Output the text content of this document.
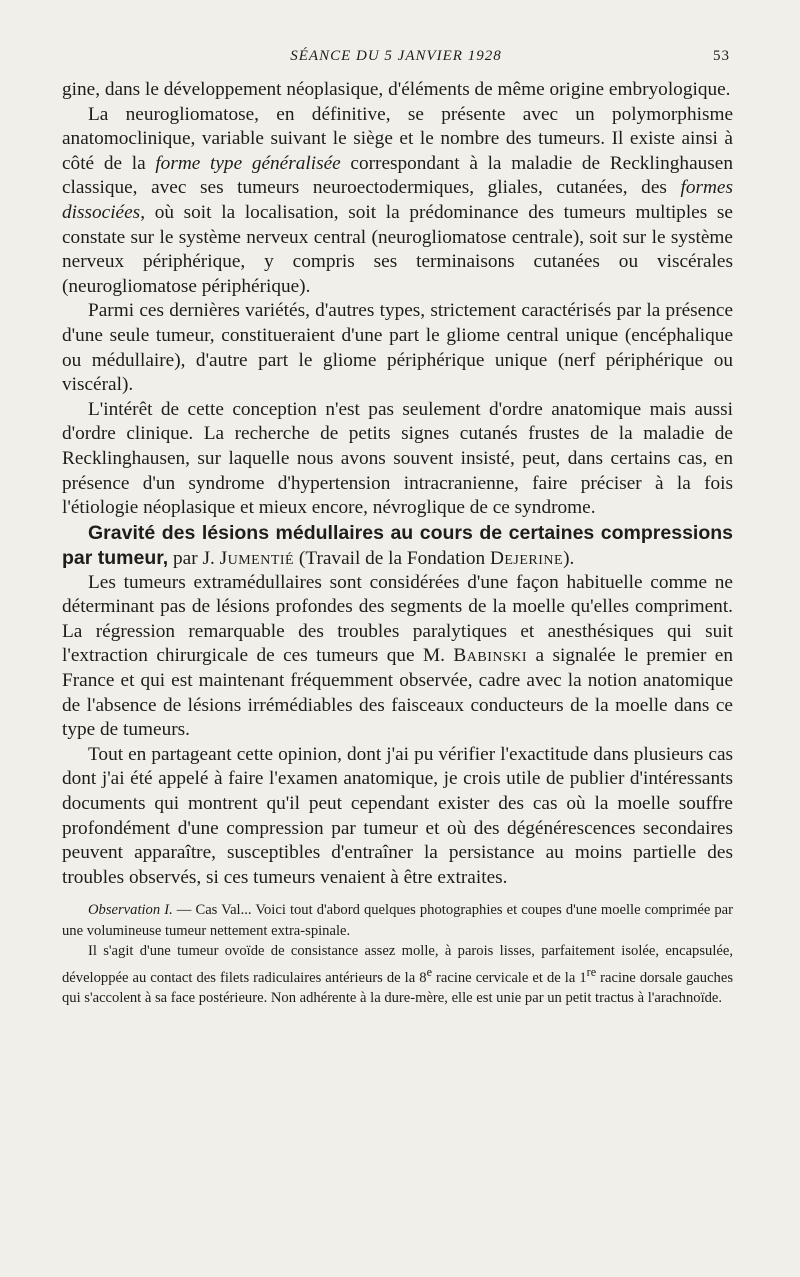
SÉANCE DU 5 JANVIER 1928	53

gine, dans le développement néoplasique, d'éléments de même origine embryologique.

La neurogliomatose, en définitive, se présente avec un polymorphisme anatomoclinique, variable suivant le siège et le nombre des tumeurs. Il existe ainsi à côté de la forme type généralisée correspondant à la maladie de Recklinghausen classique, avec ses tumeurs neuroectodermiques, gliales, cutanées, des formes dissociées, où soit la localisation, soit la prédominance des tumeurs multiples se constate sur le système nerveux central (neurogliomatose centrale), soit sur le système nerveux périphérique, y compris ses terminaisons cutanées ou viscérales (neurogliomatose périphérique).

Parmi ces dernières variétés, d'autres types, strictement caractérisés par la présence d'une seule tumeur, constitueraient d'une part le gliome central unique (encéphalique ou médullaire), d'autre part le gliome périphérique unique (nerf périphérique ou viscéral).

L'intérêt de cette conception n'est pas seulement d'ordre anatomique mais aussi d'ordre clinique. La recherche de petits signes cutanés frustes de la maladie de Recklinghausen, sur laquelle nous avons souvent insisté, peut, dans certains cas, en présence d'un syndrome d'hypertension intracranienne, faire préciser à la fois l'étiologie néoplasique et mieux encore, névroglique de ce syndrome.

Gravité des lésions médullaires au cours de certaines compressions par tumeur, par J. Jumentié (Travail de la Fondation Dejerine).

Les tumeurs extramédullaires sont considérées d'une façon habituelle comme ne déterminant pas de lésions profondes des segments de la moelle qu'elles compriment. La régression remarquable des troubles paralytiques et anesthésiques qui suit l'extraction chirurgicale de ces tumeurs que M. Babinski a signalée le premier en France et qui est maintenant fréquemment observée, cadre avec la notion anatomique de l'absence de lésions irrémédiables des faisceaux conducteurs de la moelle dans ce type de tumeurs.

Tout en partageant cette opinion, dont j'ai pu vérifier l'exactitude dans plusieurs cas dont j'ai été appelé à faire l'examen anatomique, je crois utile de publier d'intéressants documents qui montrent qu'il peut cependant exister des cas où la moelle souffre profondément d'une compression par tumeur et où des dégénérescences secondaires peuvent apparaître, susceptibles d'entraîner la persistance au moins partielle des troubles observés, si ces tumeurs venaient à être extraites.

Observation I. — Cas Val... Voici tout d'abord quelques photographies et coupes d'une moelle comprimée par une volumineuse tumeur nettement extra-spinale.

Il s'agit d'une tumeur ovoïde de consistance assez molle, à parois lisses, parfaitement isolée, encapsulée, développée au contact des filets radiculaires antérieurs de la 8e racine cervicale et de la 1re racine dorsale gauches qui s'accolent à sa face postérieure. Non adhérente à la dure-mère, elle est unie par un petit tractus à l'arachnoïde.
